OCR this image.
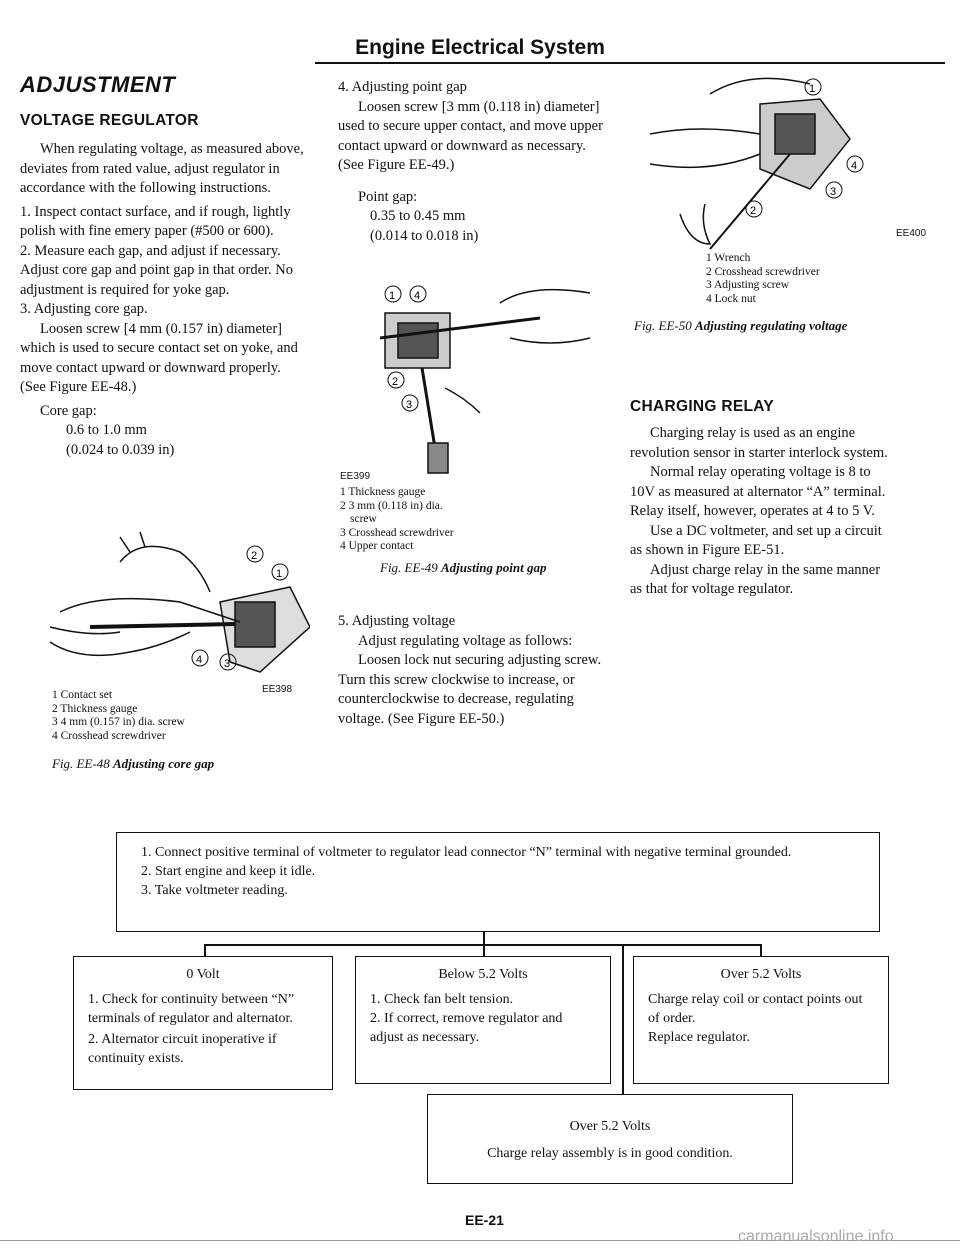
Engine Electrical System
ADJUSTMENT
VOLTAGE REGULATOR

When regulating voltage, as measured above, deviates from rated value, adjust regulator in accordance with the following instructions.

1. Inspect contact surface, and if rough, lightly polish with fine emery paper (#500 or 600).

2. Measure each gap, and adjust if necessary. Adjust core gap and point gap in that order. No adjustment is required for yoke gap.

3. Adjusting core gap.

Loosen screw [4 mm (0.157 in) diameter] which is used to secure contact set on yoke, and move contact upward or downward properly. (See Figure EE-48.)

Core gap:

0.6 to 1.0 mm

(0.024 to 0.039 in)

2
1
4 3
EE398
1 Contact set
2 Thickness gauge
3 4 mm (0.157 in) dia. screw
4 Crosshead screwdriver
Fig. EE-48 Adjusting core gap

4. Adjusting point gap

Loosen screw [3 mm (0.118 in) diameter] used to secure upper contact, and move upper contact upward or downward as necessary. (See Figure EE-49.)

Point gap:

0.35 to 0.45 mm

(0.014 to 0.018 in)

1 4
2
3
EE399
1 Thickness gauge
2 3 mm (0.118 in) dia.
screw
3 Crosshead screwdriver
4 Upper contact
Fig. EE-49 Adjusting point gap

5. Adjusting voltage

Adjust regulating voltage as follows:

Loosen lock nut securing adjusting screw. Turn this screw clockwise to increase, or counterclockwise to decrease, regulating voltage. (See Figure EE-50.)

1
4
3
2
EE400
1 Wrench
2 Crosshead screwdriver
3 Adjusting screw
4 Lock nut
Fig. EE-50 Adjusting regulating voltage
CHARGING RELAY

Charging relay is used as an engine revolution sensor in starter interlock system.

Normal relay operating voltage is 8 to 10V as measured at alternator “A” terminal. Relay itself, however, operates at 4 to 5 V.

Use a DC voltmeter, and set up a circuit as shown in Figure EE-51.

Adjust charge relay in the same manner as that for voltage regulator.

1. Connect positive terminal of voltmeter to regulator lead connector “N” terminal with negative terminal grounded.
2. Start engine and keep it idle.
3. Take voltmeter reading.
0 Volt
1. Check for continuity between “N” terminals of regulator and alternator.
2. Alternator circuit inoperative if continuity exists.
Below 5.2 Volts
1. Check fan belt tension.
2. If correct, remove regulator and adjust as necessary.
Over 5.2 Volts
Charge relay coil or contact points out of order.
Replace regulator.
Over 5.2 Volts
Charge relay assembly is in good condition.
EE-21
carmanualsonline.info
